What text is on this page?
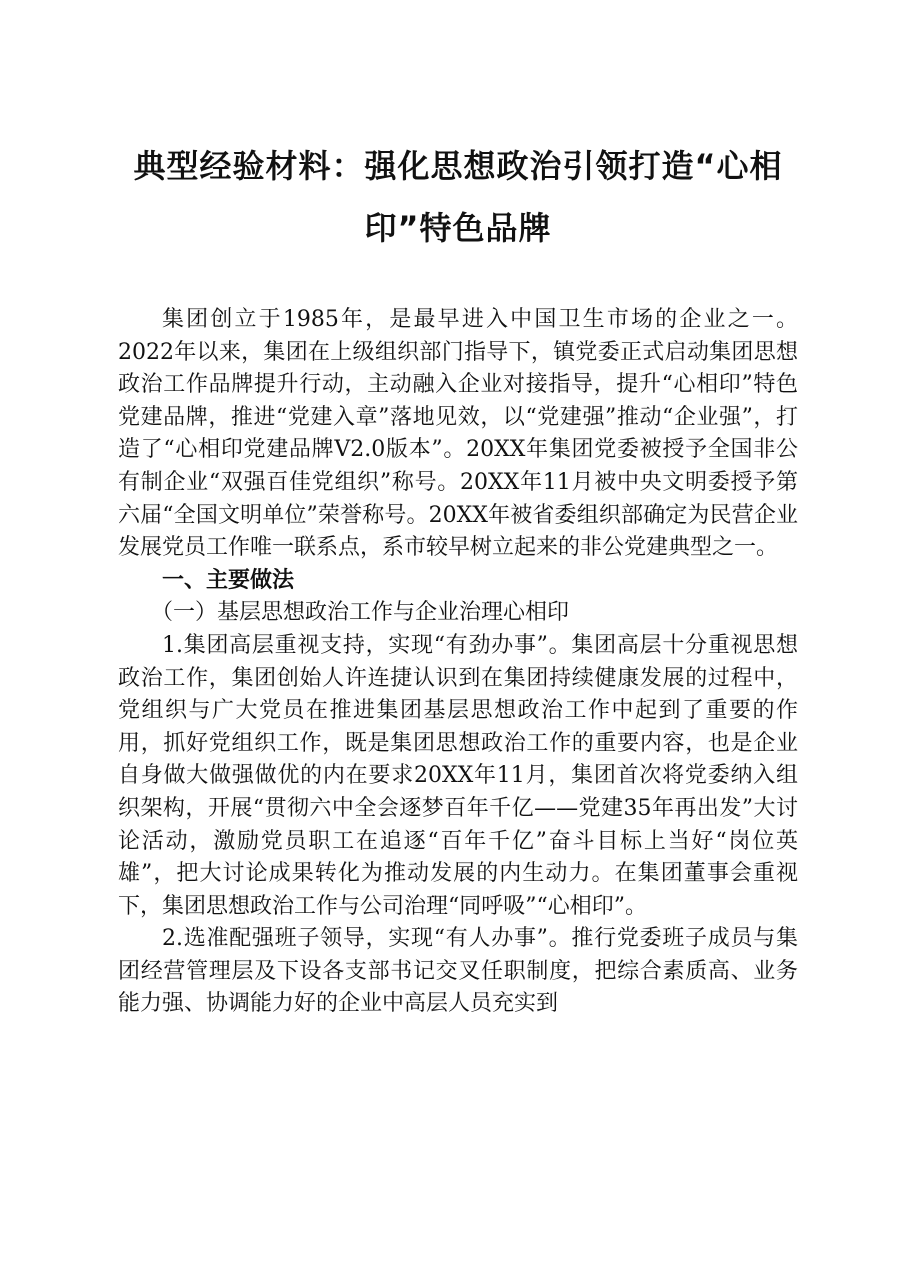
典型经验材料：强化思想政治引领打造“心相印”特色品牌

集团创立于1985年，是最早进入中国卫生市场的企业之一。2022年以来，集团在上级组织部门指导下，镇党委正式启动集团思想政治工作品牌提升行动，主动融入企业对接指导，提升“心相印”特色党建品牌，推进“党建入章”落地见效，以“党建强”推动“企业强”，打造了“心相印党建品牌V2.0版本”。20XX年集团党委被授予全国非公有制企业“双强百佳党组织”称号。20XX年11月被中央文明委授予第六届“全国文明单位”荣誉称号。20XX年被省委组织部确定为民营企业发展党员工作唯一联系点，系市较早树立起来的非公党建典型之一。

一、主要做法

（一）基层思想政治工作与企业治理心相印

1.集团高层重视支持，实现“有劲办事”。集团高层十分重视思想政治工作，集团创始人许连捷认识到在集团持续健康发展的过程中，党组织与广大党员在推进集团基层思想政治工作中起到了重要的作用，抓好党组织工作，既是集团思想政治工作的重要内容，也是企业自身做大做强做优的内在要求20XX年11月，集团首次将党委纳入组织架构，开展“贯彻六中全会逐梦百年千亿——党建35年再出发”大讨论活动，激励党员职工在追逐“百年千亿”奋斗目标上当好“岗位英雄”，把大讨论成果转化为推动发展的内生动力。在集团董事会重视下，集团思想政治工作与公司治理“同呼吸”“心相印”。

2.选准配强班子领导，实现“有人办事”。推行党委班子成员与集团经营管理层及下设各支部书记交叉任职制度，把综合素质高、业务能力强、协调能力好的企业中高层人员充实到
